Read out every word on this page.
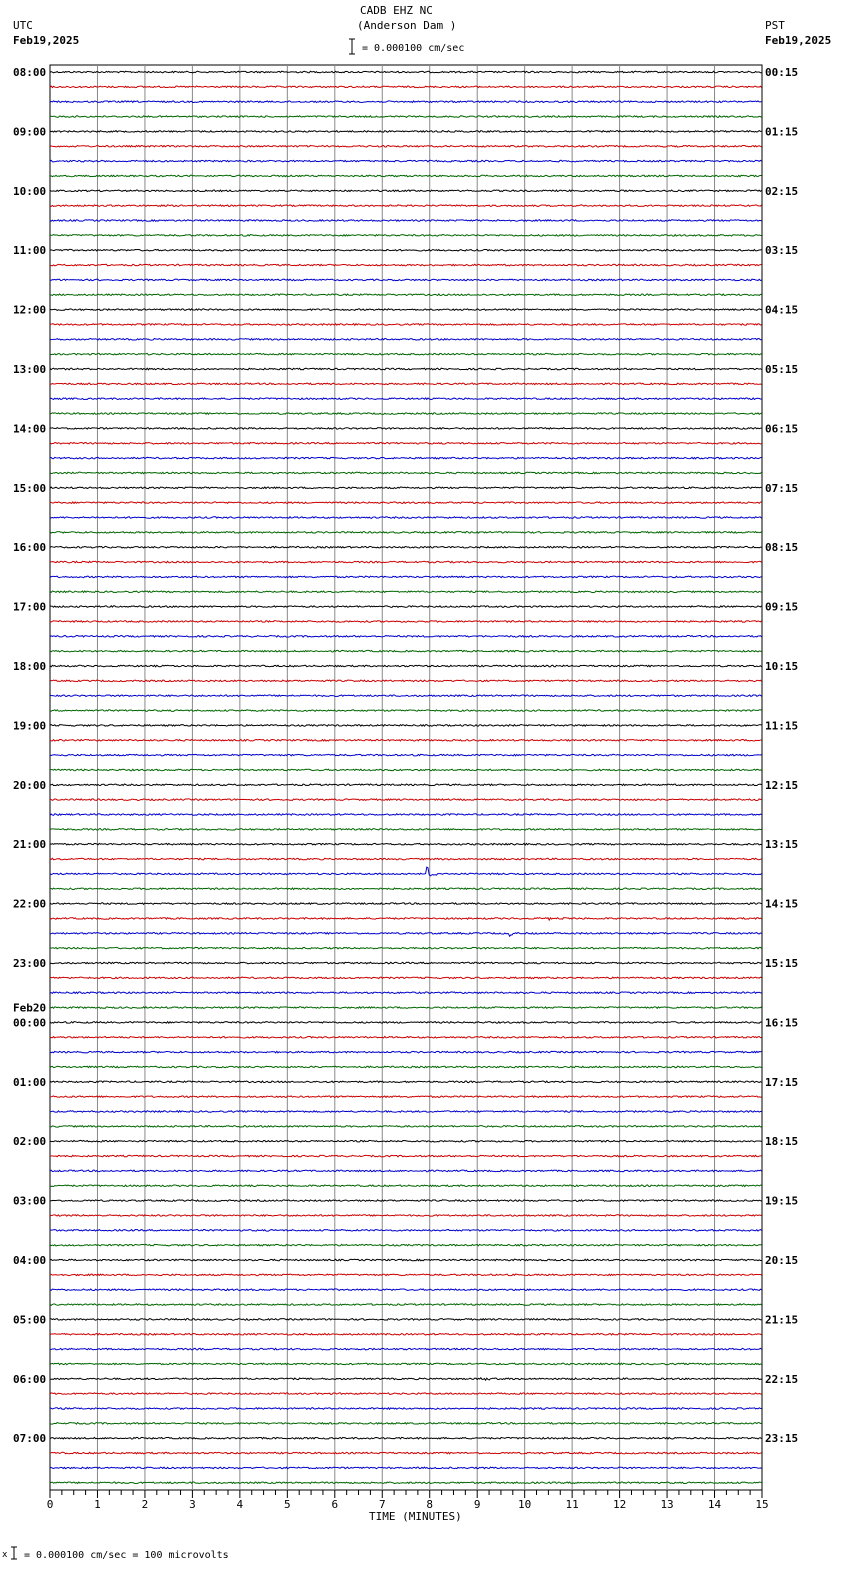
UTC
Feb19,2025
CADB EHZ NC
(Anderson Dam )
= 0.000100 cm/sec
PST
Feb19,2025
0	1	2	3	4	5	6	7	8	9	10	11	12	13	14	15
08:00
09:00
10:00
11:00
12:00
13:00
14:00
15:00
16:00
17:00
18:00
19:00
20:00
21:00
22:00
23:00
00:00
01:00
02:00
03:00
04:00
05:00
06:00
07:00
00:15
01:15
02:15
03:15
04:15
05:15
06:15
07:15
08:15
09:15
10:15
11:15
12:15
13:15
14:15
15:15
16:15
17:15
18:15
19:15
20:15
21:15
22:15
23:15
Feb20
TIME (MINUTES)
x = 0.000100 cm/sec = 100 microvolts
